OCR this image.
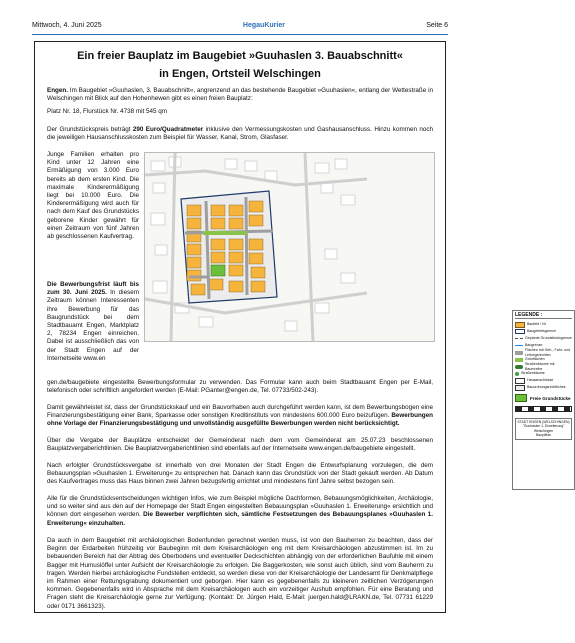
Mittwoch, 4. Juni 2025	HegauKurier	Seite 6
Ein freier Bauplatz im Baugebiet »Guuhaslen 3. Bauabschnitt«
in Engen, Ortsteil Welschingen
Engen. Im Baugebiet »Guuhaslen, 3. Bauabschnitt«, angrenzend an das bestehende Baugebiet »Guuhaslen«, entlang der Wettestraße in Welschingen mit Blick auf den Hohenhewen gibt es einen freien Bauplatz:
Platz Nr. 18, Flurstück Nr. 4738 mit 545 qm
Der Grundstückspreis beträgt 290 Euro/Quadratmeter inklusive den Vermessungskosten und Gashausanschluss. Hinzu kommen noch die jeweiligen Hausanschlusskosten zum Beispiel für Wasser, Kanal, Strom, Glasfaser.
Junge Familien erhalten pro Kind unter 12 Jahren eine Ermäßigung von 3.000 Euro bereits ab dem ersten Kind. Die maximale Kinderermäßigung liegt bei 10.000 Euro. Die Kinderermäßigung wird auch für nach dem Kauf des Grundstücks geborene Kinder gewährt für einen Zeitraum von fünf Jahren ab geschlossenen Kaufvertrag.
Die Bewerbungsfrist läuft bis zum 30. Juni 2025. In diesem Zeitraum können Interessenten ihre Bewerbung für das Baugrundstück bei dem Stadtbauamt Engen, Marktplatz 2, 78234 Engen einreichen. Dabei ist ausschließlich das von der Stadt Engen auf der Internetseite www.en
LEGENDE :
Baufeld / Nr
Baugebietsgrenze
Geplante Grundstücksgrenze
Baugrenze
Flächen mit Geh-, Fahr- und Leitungsrechten
Grünflächen
Straßenbäume mit Baumreihe
Straßenbäume
Hausanschlüsse
Bauordnungsrechtliches
Freie Grundstücke
STADT ENGEN (WELSCHINGEN)
"Guuhaslen 1. Erweiterung"
Welschingen
Bauplätze
gen.de/baugebiete eingestellte Bewerbungsformular zu verwenden. Das Formular kann auch beim Stadtbauamt Engen per E-Mail, telefonisch oder schriftlich angefordert werden (E-Mail: PGanter@engen.de, Tel. 07733/502-243).
Damit gewährleistet ist, dass der Grundstückskauf und ein Bauvorhaben auch durchgeführt werden kann, ist dem Bewerbungsbogen eine Finanzierungsbestätigung einer Bank, Sparkasse oder sonstigen Kreditinstituts von mindestens 600.000 Euro beizufügen. Bewerbungen ohne Vorlage der Finanzierungsbestätigung und unvollständig ausgefüllte Bewerbungen werden nicht berücksichtigt.
Über die Vergabe der Bauplätze entscheidet der Gemeinderat nach dem vom Gemeinderat am 25.07.23 beschlossenen Bauplatzvergaberichtlinien. Die Bauplatzvergaberichtlinien sind ebenfalls auf der Internetseite www.engen.de/baugebiete eingestellt.
Nach erfolgter Grundstücksvergabe ist innerhalb von drei Monaten der Stadt Engen die Entwurfsplanung vorzulegen, die dem Bebauungsplan »Guuhaslen 1. Erweiterung« zu entsprechen hat. Danach kann das Grundstück von der Stadt gekauft werden. Ab Datum des Kaufvertrages muss das Haus binnen zwei Jahren bezugsfertig errichtet und mindestens fünf Jahre selbst bezogen sein.
Alle für die Grundstücksentscheidungen wichtigen Infos, wie zum Beispiel mögliche Dachformen, Bebauungsmöglichkeiten, Archäologie, und so weiter sind aus den auf der Homepage der Stadt Engen eingestellten Bebauungsplan »Guuhaslen 1. Erweiterung« ersichtlich und können dort eingesehen werden. Die Bewerber verpflichten sich, sämtliche Festsetzungen des Bebauungsplanes »Guuhaslen 1. Erweiterung« einzuhalten.
Da auch in dem Baugebiet mit archäologischen Bodenfunden gerechnet werden muss, ist von den Bauherren zu beachten, dass der Beginn der Erdarbeiten frühzeitig vor Baubeginn mit dem Kreisarchäologen eng mit dem Kreisarchäologen abzustimmen ist. Im zu bebauenden Bereich hat der Abtrag des Oberbodens und eventueller Deckschichten abhängig von der erforderlichen Baufuhle mit einem Bagger mit Humuslöffel unter Aufsicht der Kreisarchäologie zu erfolgen. Die Baggerkosten, wie sonst auch üblich, sind vom Bauherrn zu tragen. Werden hierbei archäologische Fundstellen entdeckt, so werden diese von der Kreisarchäologie der Landesamt für Denkmalpflege im Rahmen einer Rettungsgrabung dokumentiert und geborgen. Hier kann es gegebenenfalls zu kleineren zeitlichen Verzögerungen kommen. Gegebenenfalls wird in Absprache mit dem Kreisarchäologen auch ein vorzeitiger Aushub empfohlen. Für eine Beratung und Fragen steht die Kreisarchäologie gerne zur Verfügung. (Kontakt: Dr. Jürgen Hald, E-Mail: juergen.hald@LRAKN.de, Tel. 07731 61229 oder 0171 3661323).
